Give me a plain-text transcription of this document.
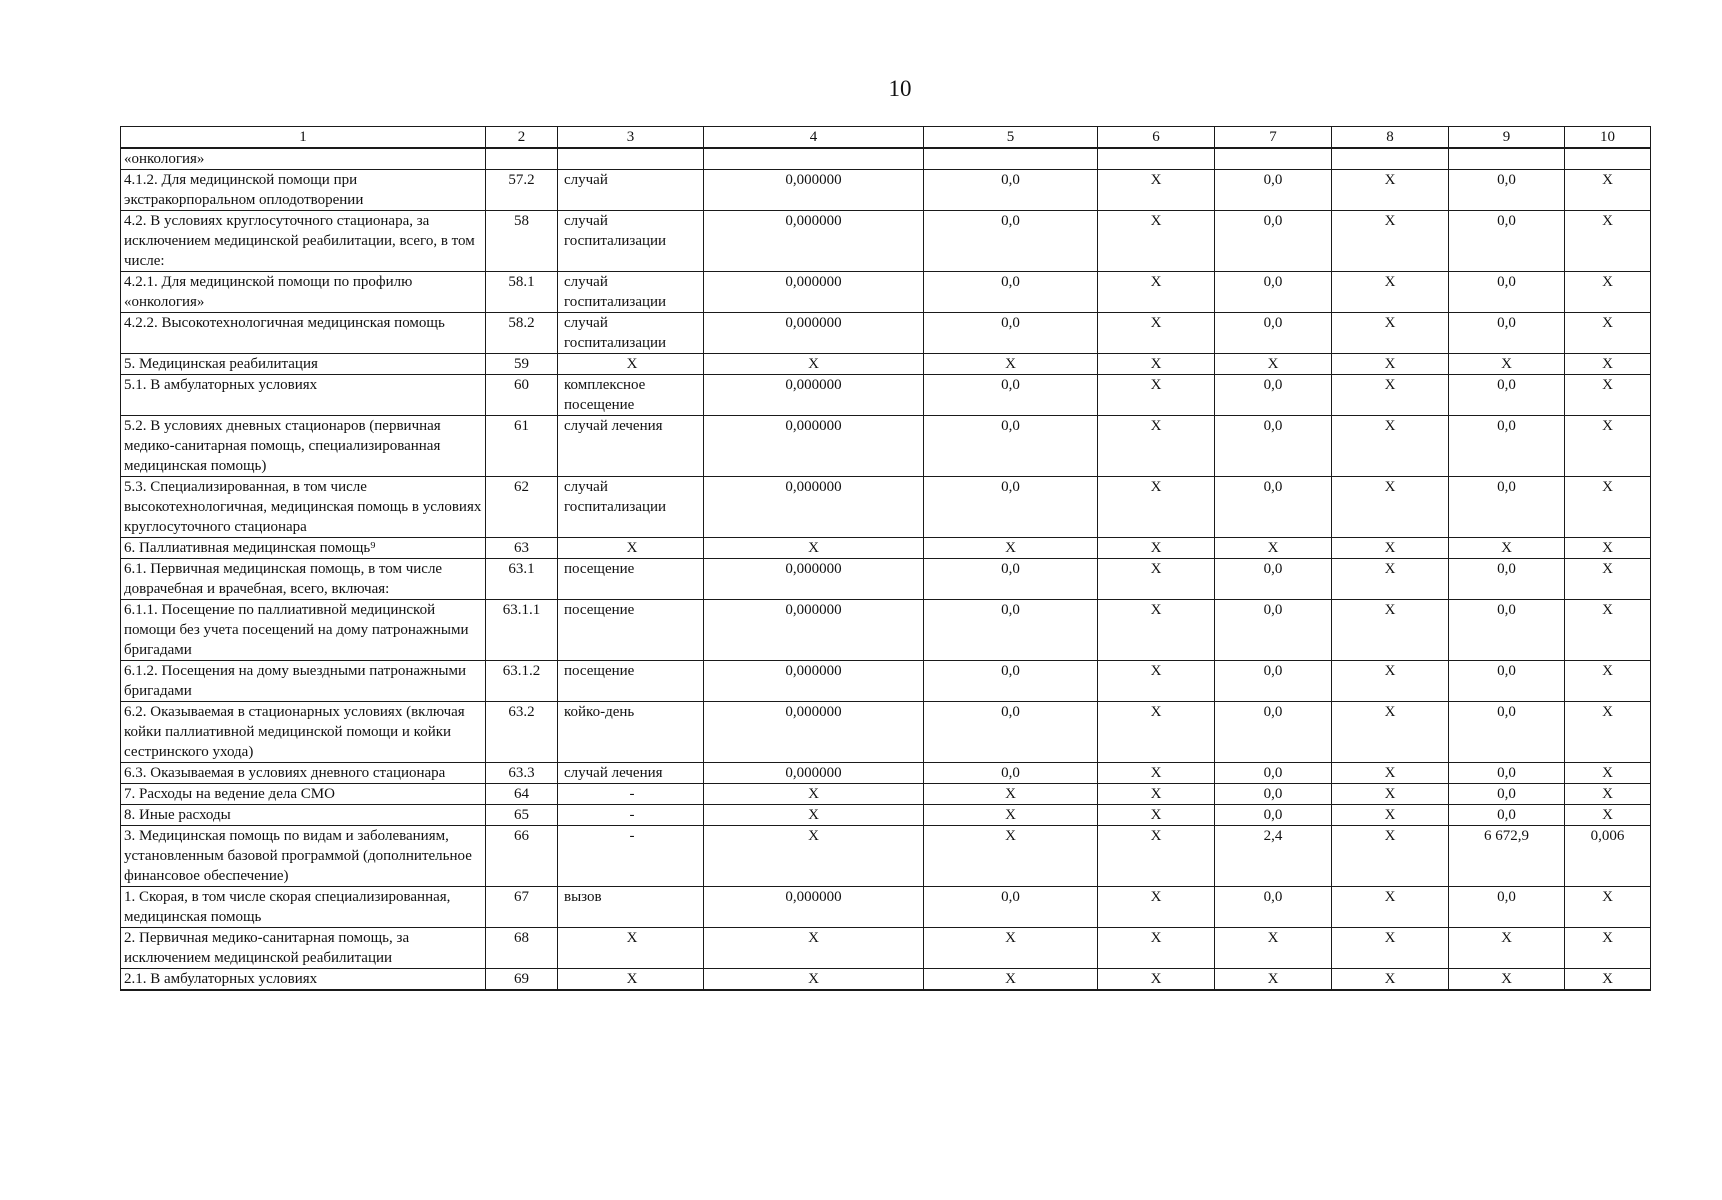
10
1	2	3	4	5	6	7	8	9	10
«онкология»									
4.1.2. Для медицинской помощи при экстракорпоральном оплодотворении	57.2	случай	0,000000	0,0	X	0,0	X	0,0	X
4.2. В условиях круглосуточного стационара, за исключением медицинской реабилитации, всего, в том числе:	58	случай госпитализации	0,000000	0,0	X	0,0	X	0,0	X
4.2.1. Для медицинской помощи по профилю «онкология»	58.1	случай госпитализации	0,000000	0,0	X	0,0	X	0,0	X
4.2.2. Высокотехнологичная медицинская помощь	58.2	случай госпитализации	0,000000	0,0	X	0,0	X	0,0	X
5. Медицинская реабилитация	59	X	X	X	X	X	X	X	X
5.1. В амбулаторных условиях	60	комплексное посещение	0,000000	0,0	X	0,0	X	0,0	X
5.2. В условиях дневных стационаров (первичная медико-санитарная помощь, специализированная медицинская помощь)	61	случай лечения	0,000000	0,0	X	0,0	X	0,0	X
5.3. Специализированная, в том числе высокотехнологичная, медицинская помощь в условиях круглосуточного стационара	62	случай госпитализации	0,000000	0,0	X	0,0	X	0,0	X
6. Паллиативная медицинская помощь⁹	63	X	X	X	X	X	X	X	X
6.1. Первичная медицинская помощь, в том числе доврачебная и врачебная, всего, включая:	63.1	посещение	0,000000	0,0	X	0,0	X	0,0	X
6.1.1. Посещение по паллиативной медицинской помощи без учета посещений на дому патронажными бригадами	63.1.1	посещение	0,000000	0,0	X	0,0	X	0,0	X
6.1.2. Посещения на дому выездными патронажными бригадами	63.1.2	посещение	0,000000	0,0	X	0,0	X	0,0	X
6.2. Оказываемая в стационарных условиях (включая койки паллиативной медицинской помощи и койки сестринского ухода)	63.2	койко-день	0,000000	0,0	X	0,0	X	0,0	X
6.3. Оказываемая в условиях дневного стационара	63.3	случай лечения	0,000000	0,0	X	0,0	X	0,0	X
7. Расходы на ведение дела СМО	64	-	X	X	X	0,0	X	0,0	X
8. Иные расходы	65	-	X	X	X	0,0	X	0,0	X
3. Медицинская помощь по видам и заболеваниям, установленным базовой программой (дополнительное финансовое обеспечение)	66	-	X	X	X	2,4	X	6 672,9	0,006
1. Скорая, в том числе скорая специализированная, медицинская помощь	67	вызов	0,000000	0,0	X	0,0	X	0,0	X
2. Первичная медико-санитарная помощь, за исключением медицинской реабилитации	68	X	X	X	X	X	X	X	X
2.1. В амбулаторных условиях	69	X	X	X	X	X	X	X	X
